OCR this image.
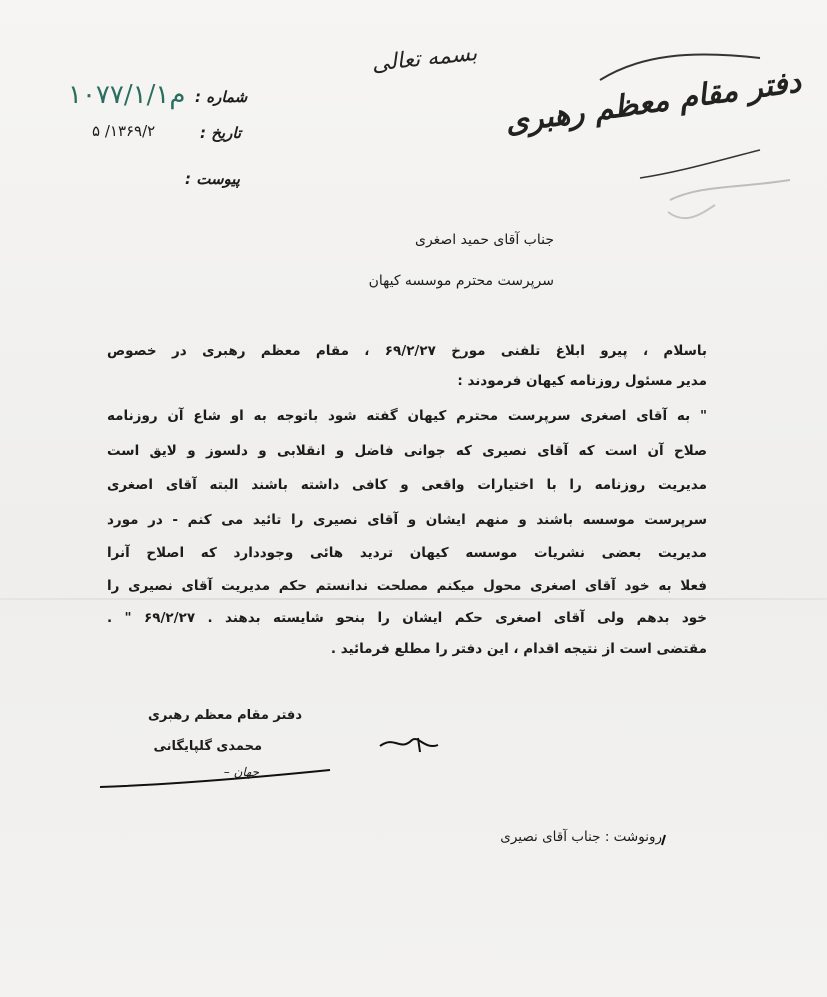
دفتر مقام معظم رهبری
بسمه تعالی
شماره :
۱۰۷۷/۱/۱م
تاریخ :
۱۳۶۹/۲/ ۵
پیوست :
جناب آقای حمید اصغری
سرپرست محترم موسسه کیهان
باسلام ، پیرو ابلاغ تلفنی مورخ ۶۹/۲/۲۷ ، مقام معظم رهبری در خصوص
مدیر مسئول روزنامه کیهان فرمودند :
" به آقای اصغری سرپرست محترم کیهان گفته شود باتوجه به او شاع آن روزنامه
صلاح آن است که آقای نصیری که جوانی فاضل و انقلابی و دلسوز و لایق است
مدیریت روزنامه را با اختیارات واقعی و کافی داشته باشند البته آقای اصغری
سرپرست موسسه باشند و منهم ایشان و آقای نصیری را تائید می کنم - در مورد
مدیریت بعضی نشریات موسسه کیهان تردید هائی وجوددارد که اصلاح آنرا
فعلا به خود آقای اصغری محول میکنم مصلحت ندانستم حکم مدیریت آقای نصیری را
خود بدهم ولی آقای اصغری حکم ایشان را بنحو شایسته بدهند . ۶۹/۲/۲۷ " .
مقتضی است از نتیجه اقدام ، این دفتر را مطلع فرمائید .
دفتر مقام معظم رهبری
محمدی گلپایگانی
جهان –
رونوشت : جناب آقای نصیری
